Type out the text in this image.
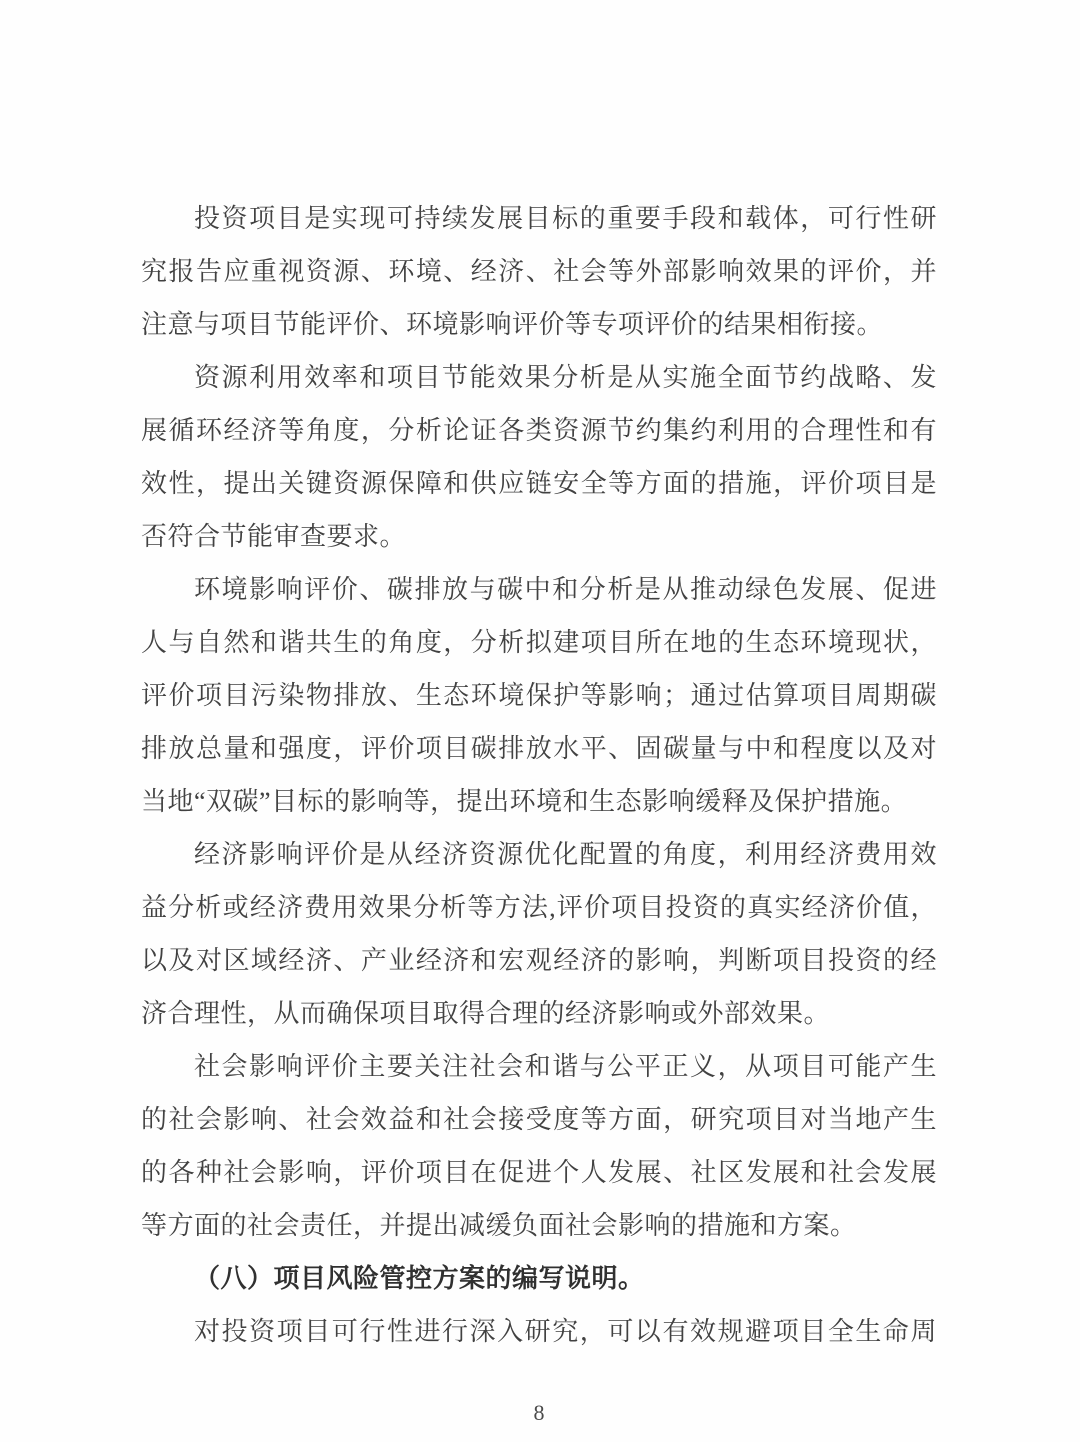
投资项目是实现可持续发展目标的重要手段和载体，可行性研
究报告应重视资源、环境、经济、社会等外部影响效果的评价，并
注意与项目节能评价、环境影响评价等专项评价的结果相衔接。
资源利用效率和项目节能效果分析是从实施全面节约战略、发
展循环经济等角度，分析论证各类资源节约集约利用的合理性和有
效性，提出关键资源保障和供应链安全等方面的措施，评价项目是
否符合节能审查要求。
环境影响评价、碳排放与碳中和分析是从推动绿色发展、促进
人与自然和谐共生的角度，分析拟建项目所在地的生态环境现状，
评价项目污染物排放、生态环境保护等影响；通过估算项目周期碳
排放总量和强度，评价项目碳排放水平、固碳量与中和程度以及对
当地“双碳”目标的影响等，提出环境和生态影响缓释及保护措施。
经济影响评价是从经济资源优化配置的角度，利用经济费用效
益分析或经济费用效果分析等方法,评价项目投资的真实经济价值，
以及对区域经济、产业经济和宏观经济的影响，判断项目投资的经
济合理性，从而确保项目取得合理的经济影响或外部效果。
社会影响评价主要关注社会和谐与公平正义，从项目可能产生
的社会影响、社会效益和社会接受度等方面，研究项目对当地产生
的各种社会影响，评价项目在促进个人发展、社区发展和社会发展
等方面的社会责任，并提出减缓负面社会影响的措施和方案。
（八）项目风险管控方案的编写说明。
对投资项目可行性进行深入研究，可以有效规避项目全生命周
8
